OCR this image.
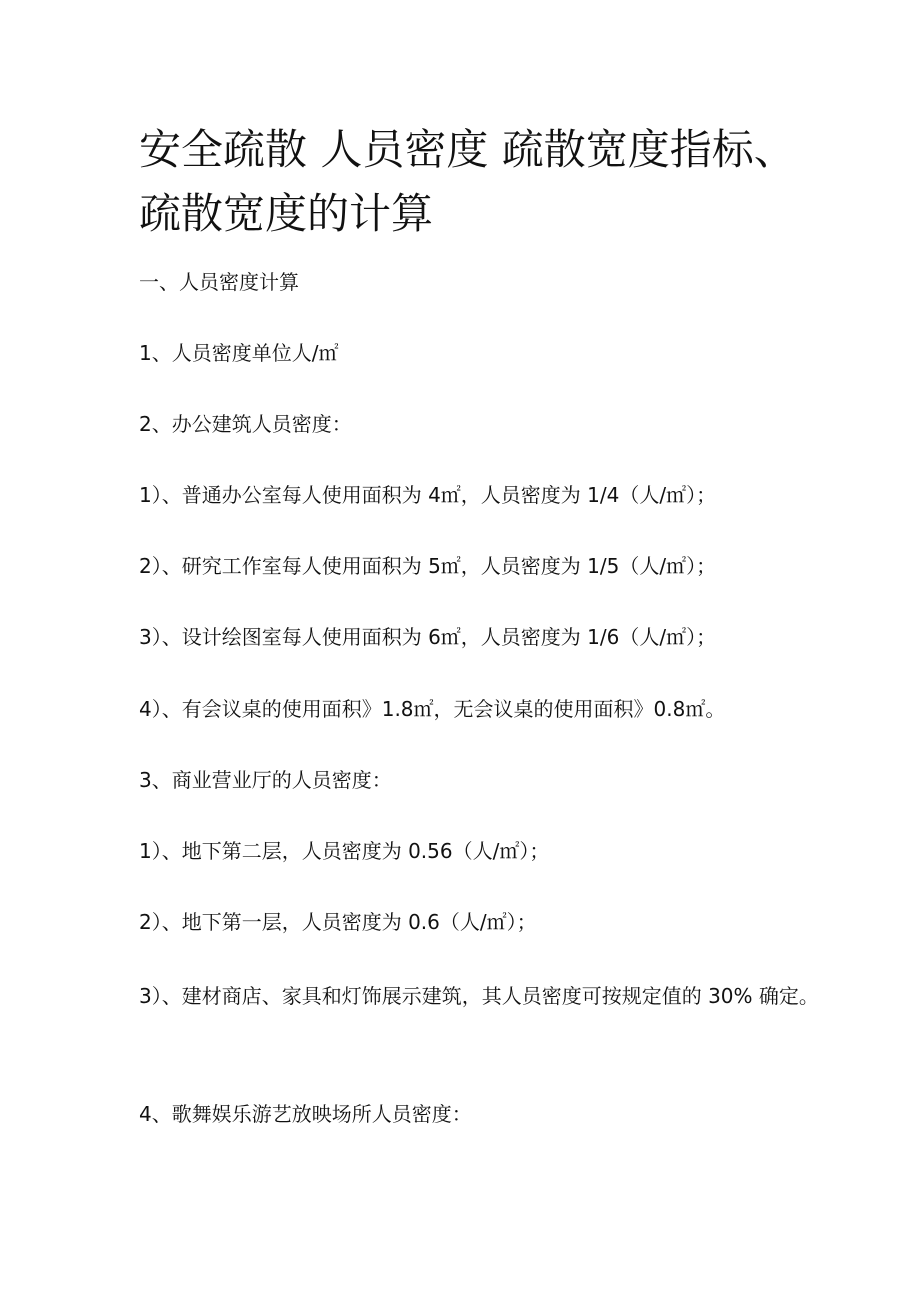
安全疏散 人员密度 疏散宽度指标、疏散宽度的计算

一、人员密度计算

1、人员密度单位人/㎡

2、办公建筑人员密度：

1）、普通办公室每人使用面积为 4㎡，人员密度为 1/4（人/㎡）；

2）、研究工作室每人使用面积为 5㎡，人员密度为 1/5（人/㎡）；

3）、设计绘图室每人使用面积为 6㎡，人员密度为 1/6（人/㎡）；

4）、有会议桌的使用面积》1.8㎡，无会议桌的使用面积》0.8㎡。

3、商业营业厅的人员密度：

1）、地下第二层，人员密度为 0.56（人/㎡）；

2）、地下第一层，人员密度为 0.6（人/㎡）；

3）、建材商店、家具和灯饰展示建筑，其人员密度可按规定值的 30% 确定。

4、歌舞娱乐游艺放映场所人员密度：
